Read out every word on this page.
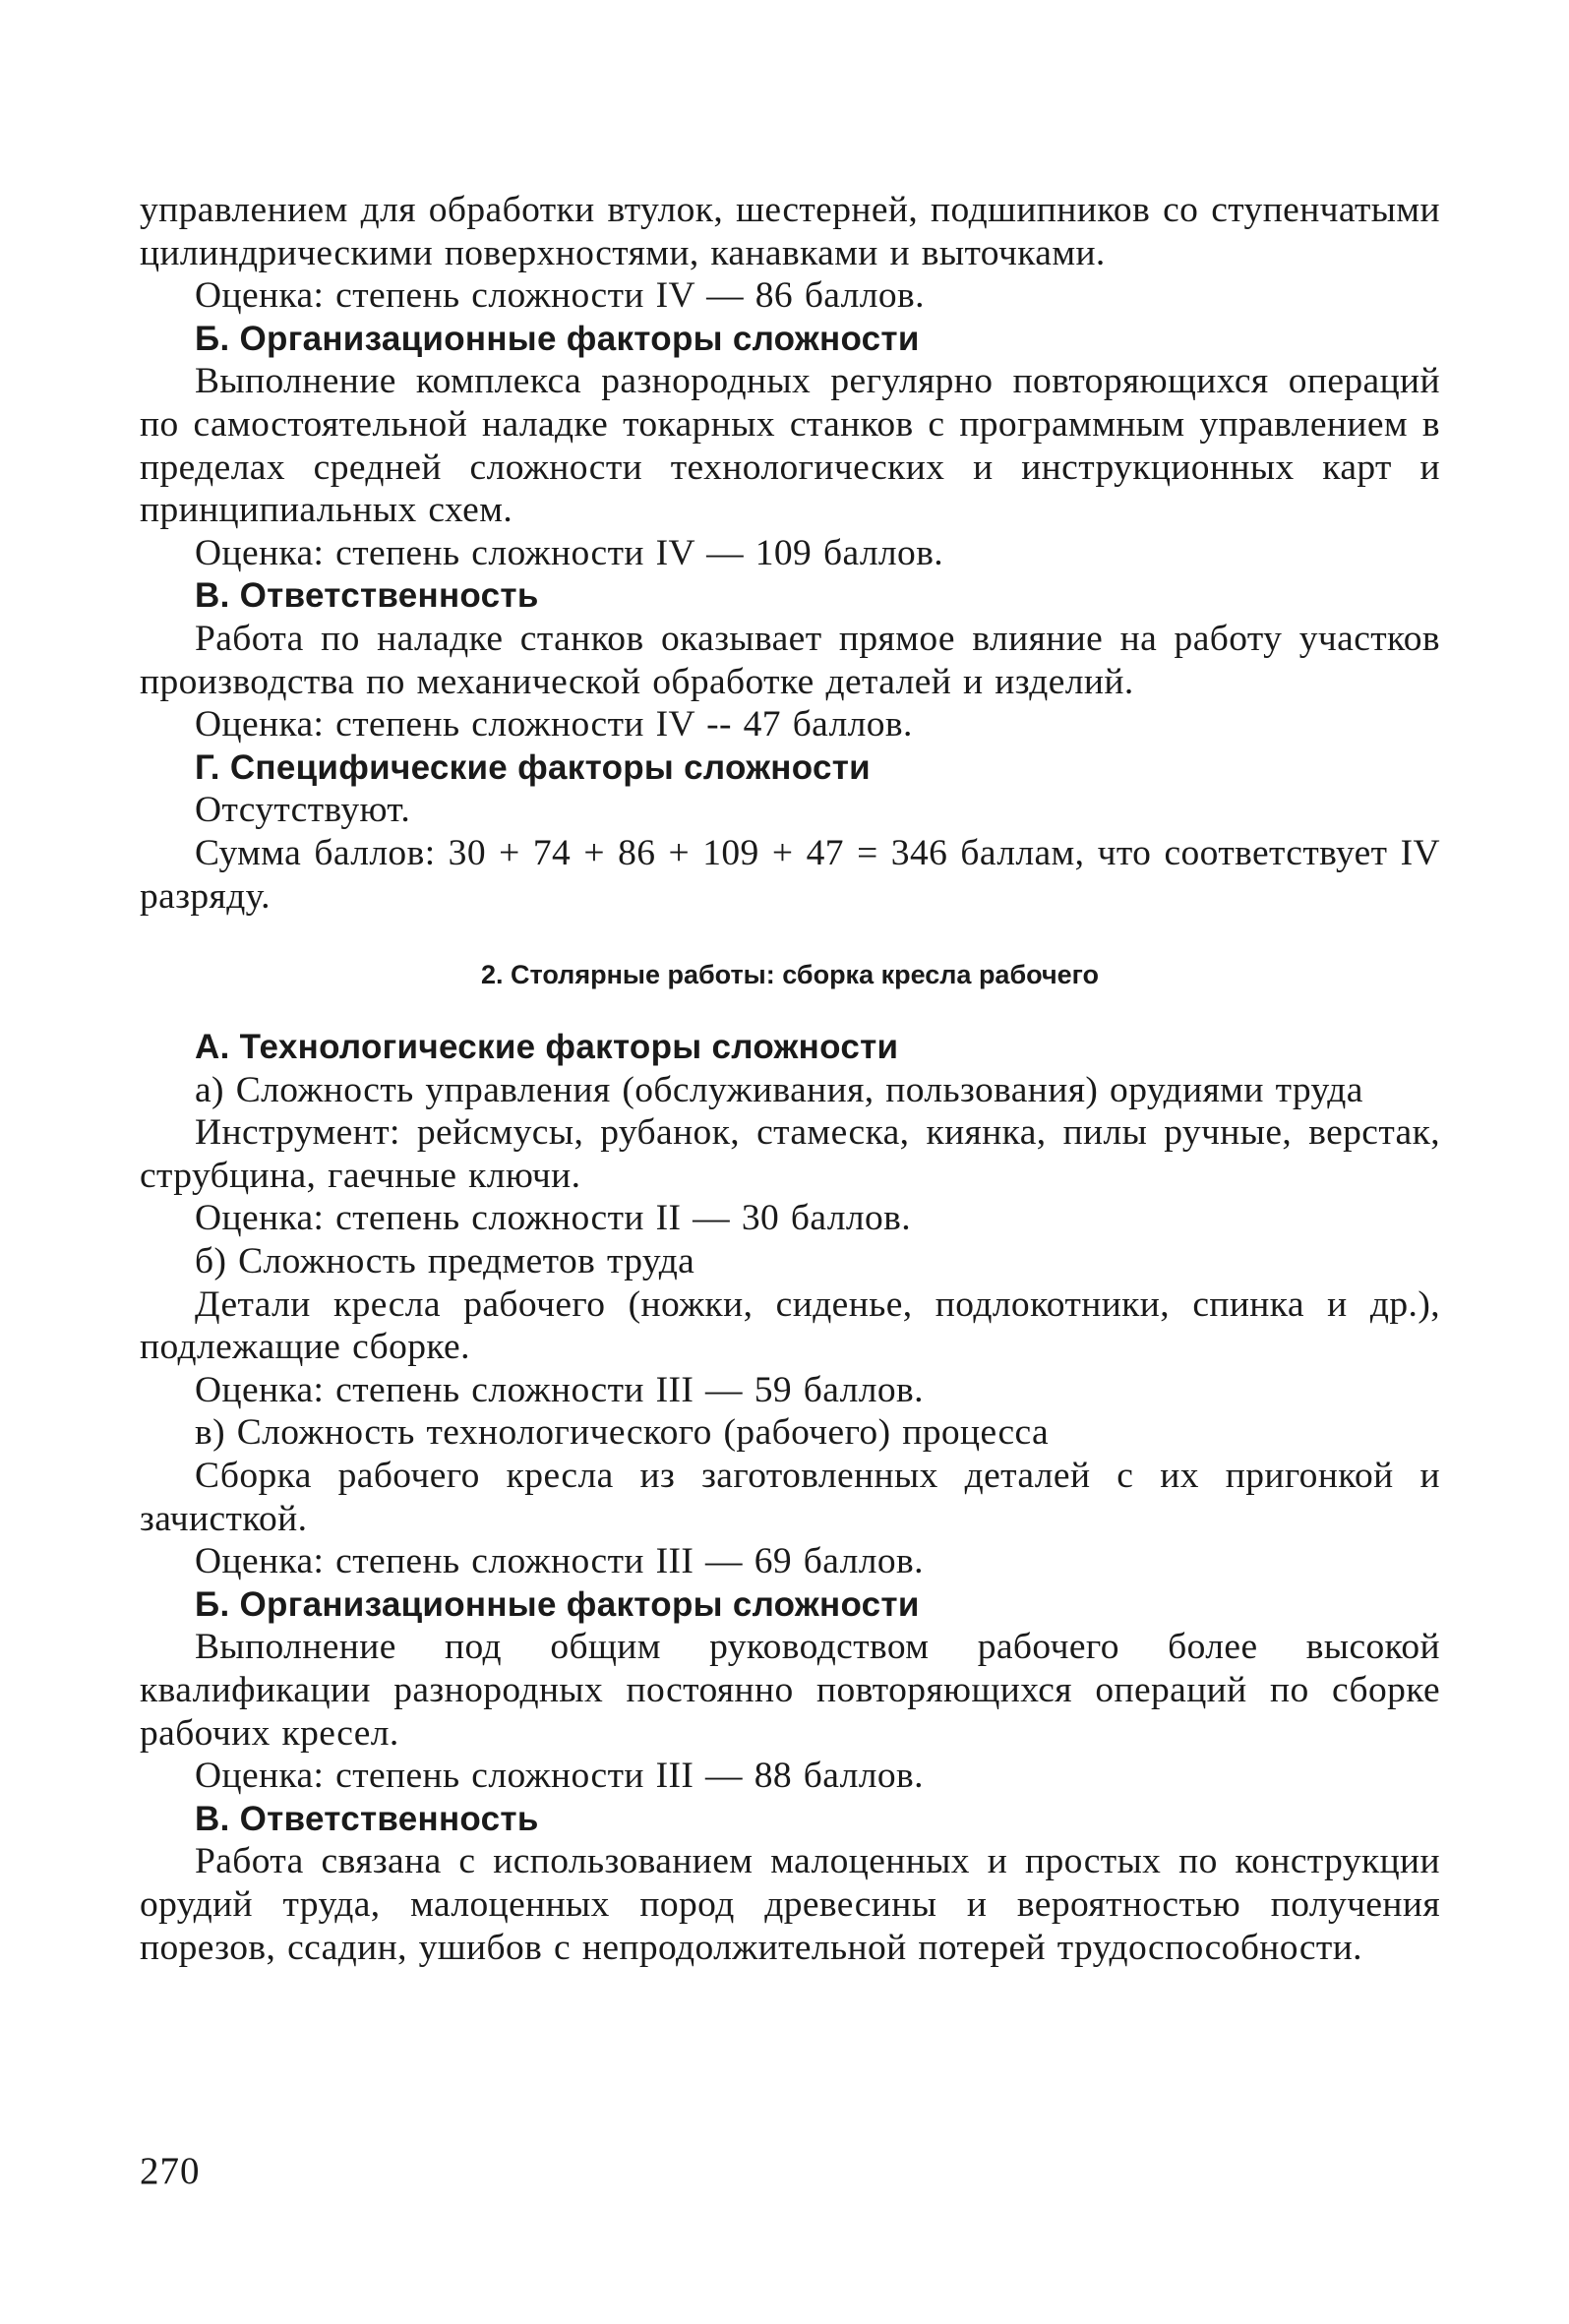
управлением для обработки втулок, шестерней, подшипников со ступенчатыми цилиндрическими поверхностями, канавками и выточками.

Оценка: степень сложности IV — 86 баллов.

Б. Организационные факторы сложности

Выполнение комплекса разнородных регулярно повторяющихся операций по самостоятельной наладке токарных станков с программным управлением в пределах средней сложности технологических и инструкционных карт и принципиальных схем.

Оценка: степень сложности IV — 109 баллов.

В. Ответственность

Работа по наладке станков оказывает прямое влияние на работу участков производства по механической обработке деталей и изделий.

Оценка: степень сложности IV -- 47 баллов.

Г. Специфические факторы сложности

Отсутствуют.

Сумма баллов: 30 + 74 + 86 + 109 + 47 = 346 баллам, что соответствует IV разряду.

2. Столярные работы: сборка кресла рабочего
А. Технологические факторы сложности

а) Сложность управления (обслуживания, пользования) орудиями труда

Инструмент: рейсмусы, рубанок, стамеска, киянка, пилы ручные, верстак, струбцина, гаечные ключи.

Оценка: степень сложности II — 30 баллов.

б) Сложность предметов труда

Детали кресла рабочего (ножки, сиденье, подлокотники, спинка и др.), подлежащие сборке.

Оценка: степень сложности III — 59 баллов.

в) Сложность технологического (рабочего) процесса

Сборка рабочего кресла из заготовленных деталей с их пригонкой и зачисткой.

Оценка: степень сложности III — 69 баллов.

Б. Организационные факторы сложности

Выполнение под общим руководством рабочего более высокой квалификации разнородных постоянно повторяющихся операций по сборке рабочих кресел.

Оценка: степень сложности III — 88 баллов.

В. Ответственность

Работа связана с использованием малоценных и простых по конструкции орудий труда, малоценных пород древесины и вероятностью получения порезов, ссадин, ушибов с непродолжительной потерей трудоспособности.

270
